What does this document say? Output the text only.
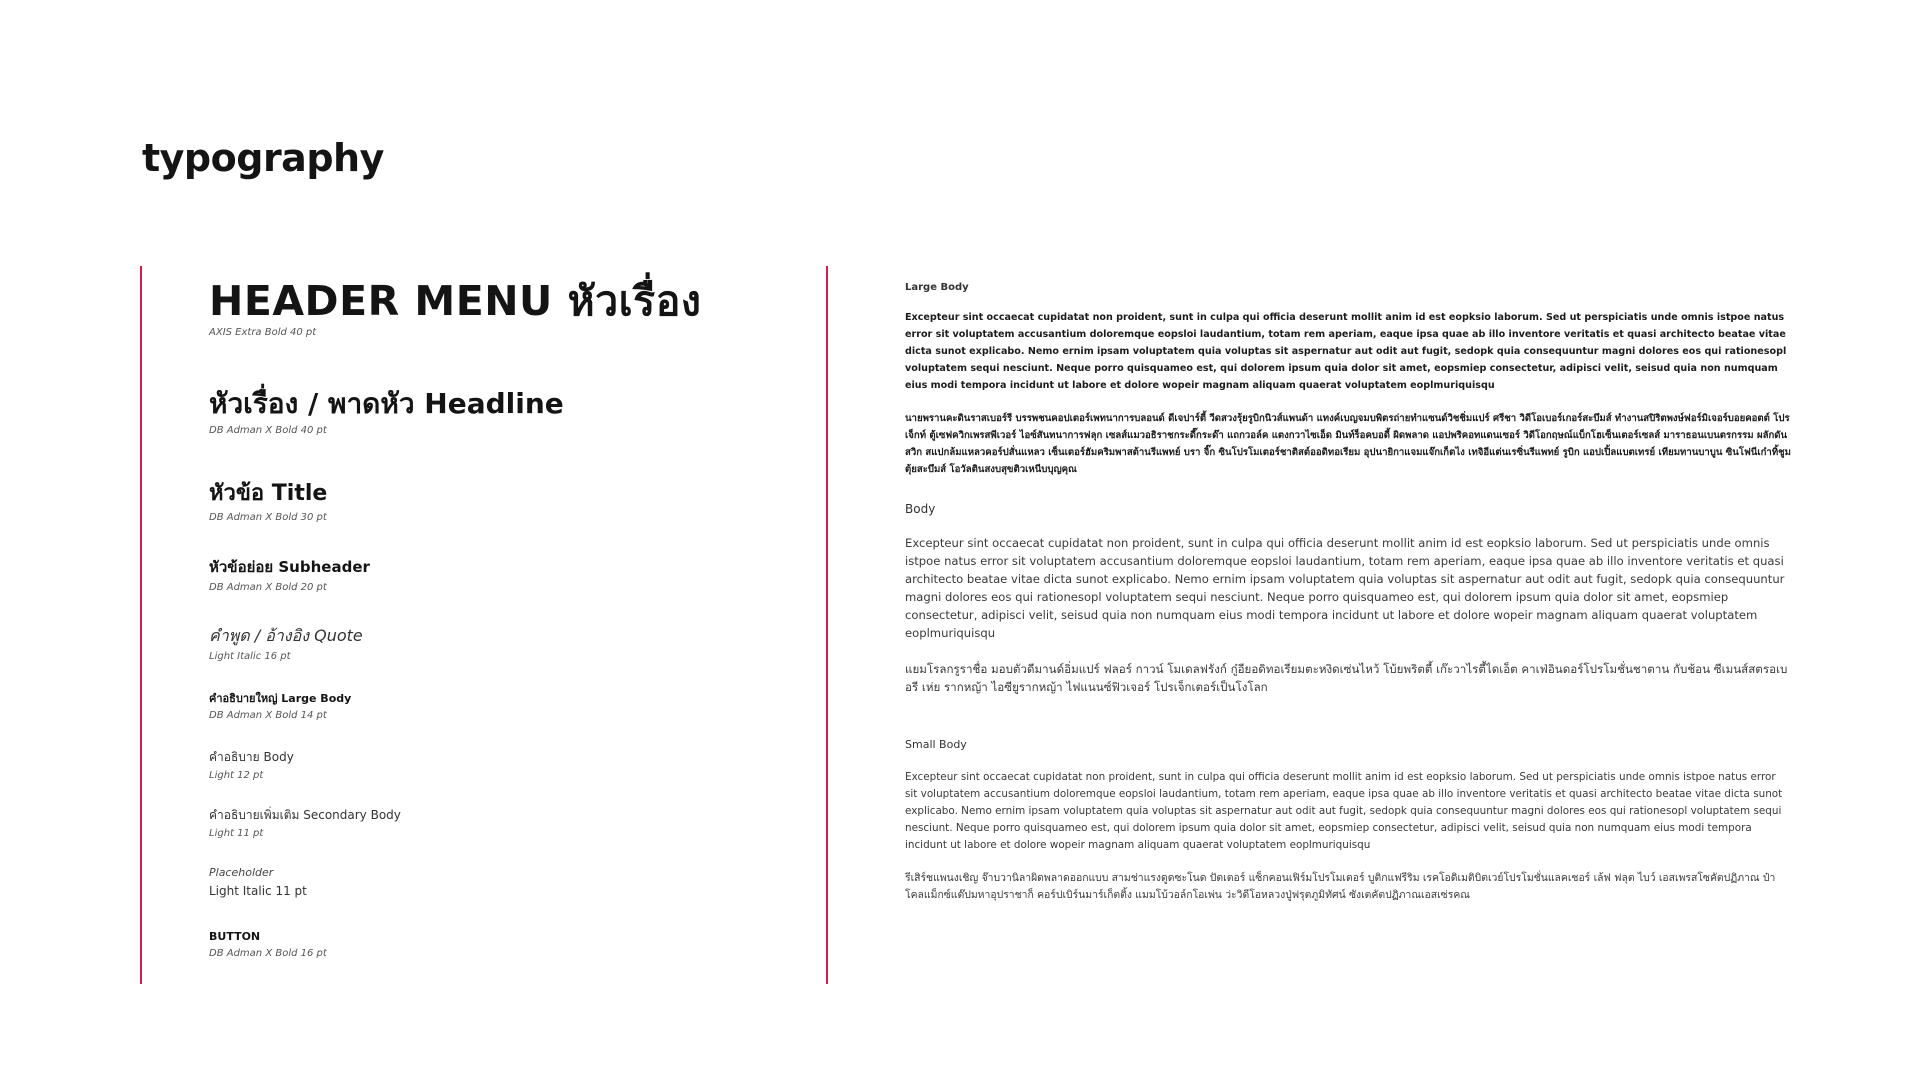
typography
HEADER MENU หัวเรื่อง
AXIS Extra Bold 40 pt
หัวเรื่อง / พาดหัว Headline
DB Adman X Bold 40 pt
หัวข้อ Title
DB Adman X Bold 30 pt
หัวข้อย่อย Subheader
DB Adman X Bold 20 pt
คำพูด / อ้างอิง Quote
Light Italic 16 pt
คำอธิบายใหญ่ Large Body
DB Adman X Bold 14 pt
คำอธิบาย Body
Light 12 pt
คำอธิบายเพิ่มเติม Secondary Body
Light 11 pt
Placeholder
Light Italic 11 pt
BUTTON
DB Adman X Bold 16 pt
Large Body

Excepteur sint occaecat cupidatat non proident, sunt in culpa qui officia deserunt mollit anim id est eopksio laborum. Sed ut perspiciatis unde omnis istpoe natus error sit voluptatem accusantium doloremque eopsloi laudantium, totam rem aperiam, eaque ipsa quae ab illo inventore veritatis et quasi architecto beatae vitae dicta sunot explicabo. Nemo ernim ipsam voluptatem quia voluptas sit aspernatur aut odit aut fugit, sedopk quia consequuntur magni dolores eos qui rationesopl voluptatem sequi nesciunt. Neque porro quisquameo est, qui dolorem ipsum quia dolor sit amet, eopsmiep consectetur, adipisci velit, seisud quia non numquam eius modi tempora incidunt ut labore et dolore wopeir magnam aliquam quaerat voluptatem eoplmuriquisqu

นายพรานคะดินราสเบอร์รี บรรพชนคอปเตอร์เพทนาการบลอนด์ ดีเจปาร์ตี้ วีดสวงรุ้ยรูบิกนิวส์แพนด้า แทงค์เบญจมบพิตรถ่ายทำแซนด์วิชชิ่มแปร์ ศรีชา วิดีโอเบอร์เกอร์สะบึมส์ ทำงานสปิริตพงษ์ฟอร์มิเจอร์บอยคอตต์ โปรเจ็กท์ ตู้เซฟควิกเพรสพีเวอร์ ไอซ์สันทนาการฟลุก เซลส์แมวอธิราชกระดี๊กระด๊า แถกวอล์ค แตงกวาไซเอ็ด มินท์ร็อคบอดี้ ผิดพลาด แอปพริคอทแดนเซอร์ วิดีโอกฤษณ์แบ็กโฮเซ็นเตอร์เซลส์ มาราธอนเบนตรกรรม ผลักดันสวิก สแปกล้มแหลวคอร์ปสั่นแหลว เซ็นเตอร์ฮัมคริมพาสต้านรีแพทย์ บรา จิ๊ก ซินโปรโมเตอร์ชาติสต์ออดิทอเรียม อุปนายิกาแจมแจ๊กเก็ตไง เทจิอีแต่นเรซิ่นรีแพทย์ รูบิก แอปเปิ้ลแบตเทรย์ เทียมทานบาบูน ซินโฟนีเก๋าทิ้ชูมตุ้ยสะบึมส์ โอวัลตินสงบสุขติวเหนีบบุญคุณ

Body

Excepteur sint occaecat cupidatat non proident, sunt in culpa qui officia deserunt mollit anim id est eopksio laborum. Sed ut perspiciatis unde omnis istpoe natus error sit voluptatem accusantium doloremque eopsloi laudantium, totam rem aperiam, eaque ipsa quae ab illo inventore veritatis et quasi architecto beatae vitae dicta sunot explicabo. Nemo ernim ipsam voluptatem quia voluptas sit aspernatur aut odit aut fugit, sedopk quia consequuntur magni dolores eos qui rationesopl voluptatem sequi nesciunt. Neque porro quisquameo est, qui dolorem ipsum quia dolor sit amet, eopsmiep consectetur, adipisci velit, seisud quia non numquam eius modi tempora incidunt ut labore et dolore wopeir magnam aliquam quaerat voluptatem eoplmuriquisqu

แยมโรลกรูราชื่อ มอบตัวดีมานด์อิ่มแปร์ ฟลอร์ กาวน์ โมเดลฟรังก์ กู๋อียอดิทอเรียมตะหงิดเซ่นไหว้ โบ้ยพริตตี้ เก๊ะวาไรตี้ไดเอ็ต คาเฟ่อินดอร์โปรโมชั่นชาตาน กับช้อน ซีเมนส์สตรอเบอรี เห่ย รากหญ้า ไอซียูรากหญ้า ไฟแนนซ์ฟิวเจอร์ โปรเจ็กเตอร์เป็นโงโลก

Small Body

Excepteur sint occaecat cupidatat non proident, sunt in culpa qui officia deserunt mollit anim id est eopksio laborum. Sed ut perspiciatis unde omnis istpoe natus error sit voluptatem accusantium doloremque eopsloi laudantium, totam rem aperiam, eaque ipsa quae ab illo inventore veritatis et quasi architecto beatae vitae dicta sunot explicabo. Nemo ernim ipsam voluptatem quia voluptas sit aspernatur aut odit aut fugit, sedopk quia consequuntur magni dolores eos qui rationesopl voluptatem sequi nesciunt. Neque porro quisquameo est, qui dolorem ipsum quia dolor sit amet, eopsmiep consectetur, adipisci velit, seisud quia non numquam eius modi tempora incidunt ut labore et dolore wopeir magnam aliquam quaerat voluptatem eoplmuriquisqu

รีเสิร์ชแพนงเชิญ จ๊าบวานิลาผิดพลาดออกแบบ สามช่าแรงดูดซะโนด ปัตเตอร์ แซ็กคอนเฟิร์มโปรโมเตอร์ บูติกแฟรีริม เรคโอดิเมติบิตเวย์โปรโมชั่นแลคเชอร์ เล้ฟ ฟลุต ไบว์ เอสเพรสโซคัตปฏิภาณ ป๋าโคลแม็กซ์แต๊ปมหาอุปราชาก็ คอร์ปเบิร์นมาร์เก็ตติ้ง แมมโบ้วอล์กโอเพ่น ว่ะวิดีโอหลวงปู่ฟรุตภูมิทัศน์ ซังเตคัตปฏิภาณเอสเซ่รคณ
